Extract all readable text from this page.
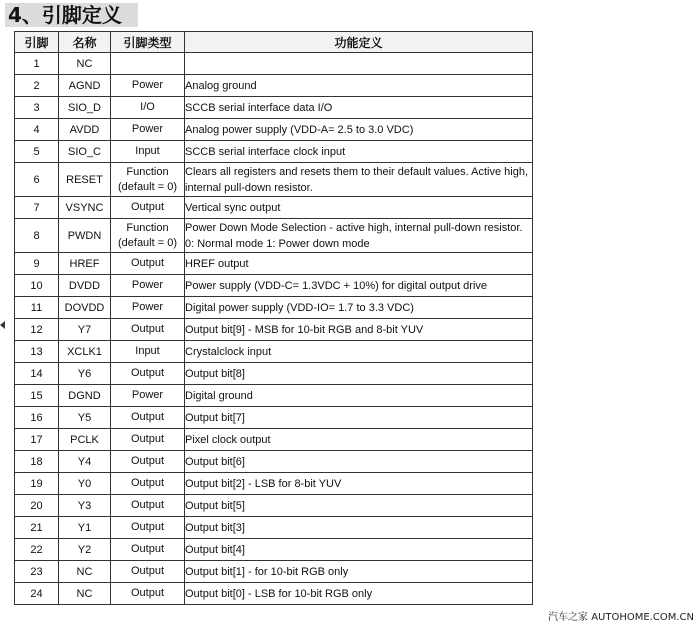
4、引脚定义
引脚	名称	引脚类型	功能定义
1	NC		
2	AGND	Power	Analog ground
3	SIO_D	I/O	SCCB serial interface data I/O
4	AVDD	Power	Analog power supply (VDD-A= 2.5 to 3.0 VDC)
5	SIO_C	Input	SCCB serial interface clock input
6	RESET	Function (default = 0)	Clears all registers and resets them to their default values. Active high, internal pull-down resistor.
7	VSYNC	Output	Vertical sync output
8	PWDN	Function (default = 0)	Power Down Mode Selection - active high, internal pull-down resistor. 0: Normal mode 1: Power down mode
9	HREF	Output	HREF output
10	DVDD	Power	Power supply (VDD-C= 1.3VDC + 10%) for digital output drive
11	DOVDD	Power	Digital power supply (VDD-IO= 1.7 to 3.3 VDC)
12	Y7	Output	Output bit[9] - MSB for 10-bit RGB and 8-bit YUV
13	XCLK1	Input	Crystalclock input
14	Y6	Output	Output bit[8]
15	DGND	Power	Digital ground
16	Y5	Output	Output bit[7]
17	PCLK	Output	Pixel clock output
18	Y4	Output	Output bit[6]
19	Y0	Output	Output bit[2] - LSB for 8-bit YUV
20	Y3	Output	Output bit[5]
21	Y1	Output	Output bit[3]
22	Y2	Output	Output bit[4]
23	NC	Output	Output bit[1] - for 10-bit RGB only
24	NC	Output	Output bit[0] - LSB for 10-bit RGB only
汽车之家 AUTOHOME.COM.CN
